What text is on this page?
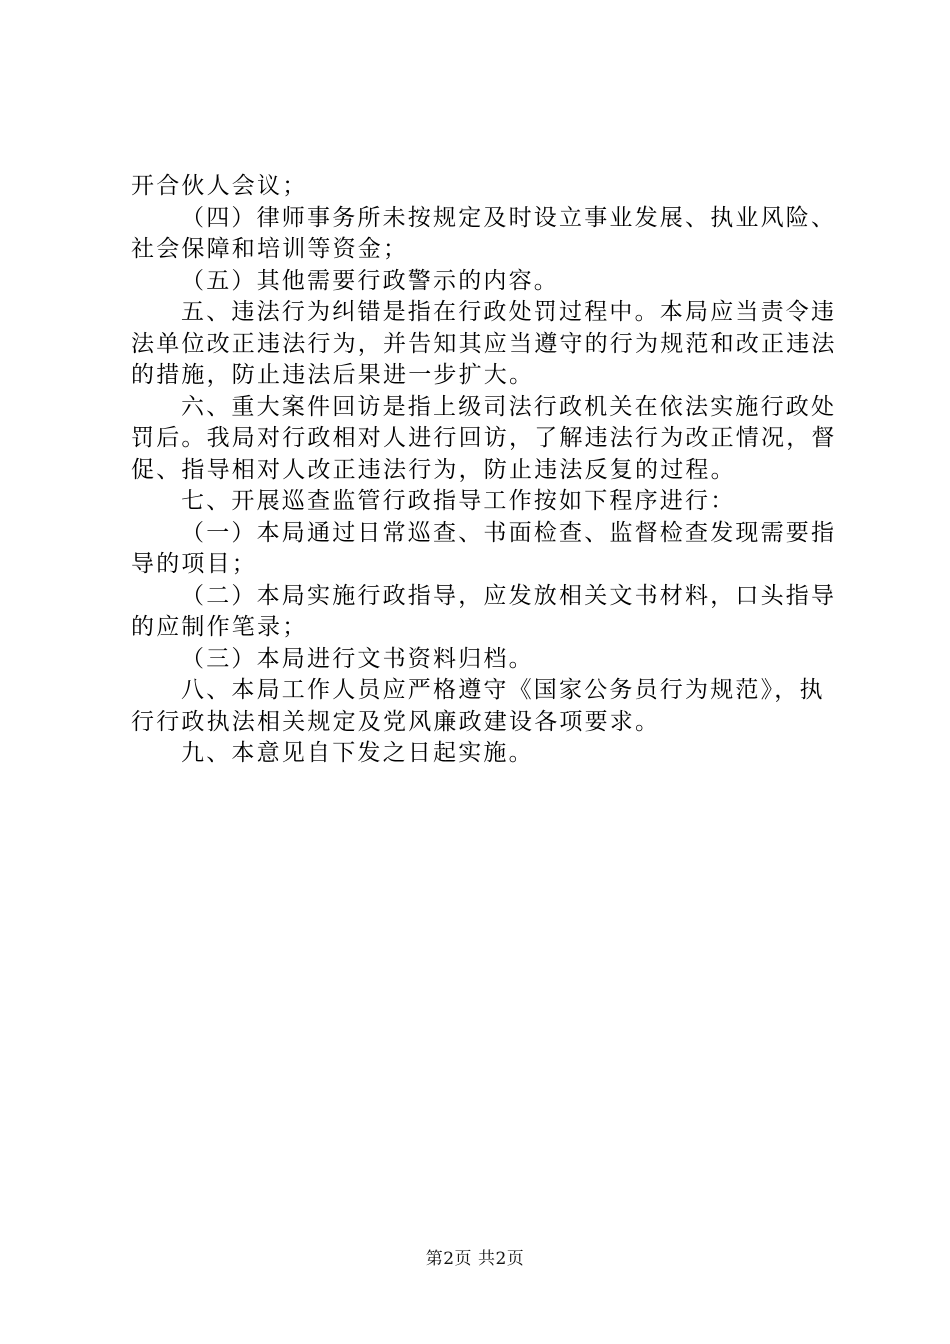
开合伙人会议；

（四）律师事务所未按规定及时设立事业发展、执业风险、社会保障和培训等资金；

（五）其他需要行政警示的内容。

五、违法行为纠错是指在行政处罚过程中。本局应当责令违法单位改正违法行为，并告知其应当遵守的行为规范和改正违法的措施，防止违法后果进一步扩大。

六、重大案件回访是指上级司法行政机关在依法实施行政处罚后。我局对行政相对人进行回访，了解违法行为改正情况，督促、指导相对人改正违法行为，防止违法反复的过程。

七、开展巡查监管行政指导工作按如下程序进行：

（一）本局通过日常巡查、书面检查、监督检查发现需要指导的项目；

（二）本局实施行政指导，应发放相关文书材料，口头指导的应制作笔录；

（三）本局进行文书资料归档。

八、本局工作人员应严格遵守《国家公务员行为规范》，执行行政执法相关规定及党风廉政建设各项要求。

九、本意见自下发之日起实施。

第2页 共2页
